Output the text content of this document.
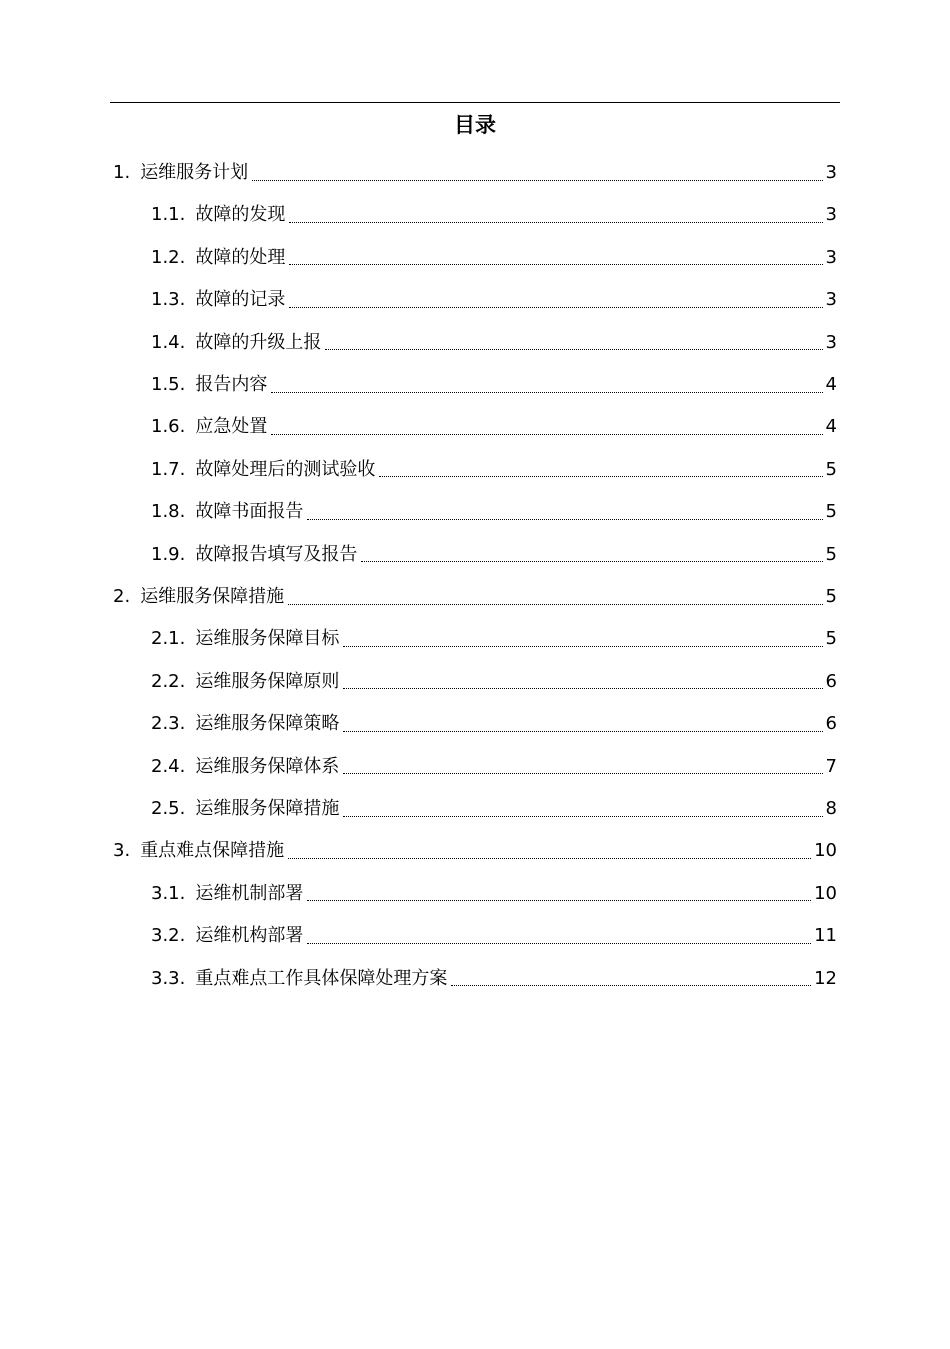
目录
1. 运维服务计划	3
1.1. 故障的发现	3
1.2. 故障的处理	3
1.3. 故障的记录	3
1.4. 故障的升级上报	3
1.5. 报告内容	4
1.6. 应急处置	4
1.7. 故障处理后的测试验收	5
1.8. 故障书面报告	5
1.9. 故障报告填写及报告	5
2. 运维服务保障措施	5
2.1. 运维服务保障目标	5
2.2. 运维服务保障原则	6
2.3. 运维服务保障策略	6
2.4. 运维服务保障体系	7
2.5. 运维服务保障措施	8
3. 重点难点保障措施	10
3.1. 运维机制部署	10
3.2. 运维机构部署	11
3.3. 重点难点工作具体保障处理方案	12
